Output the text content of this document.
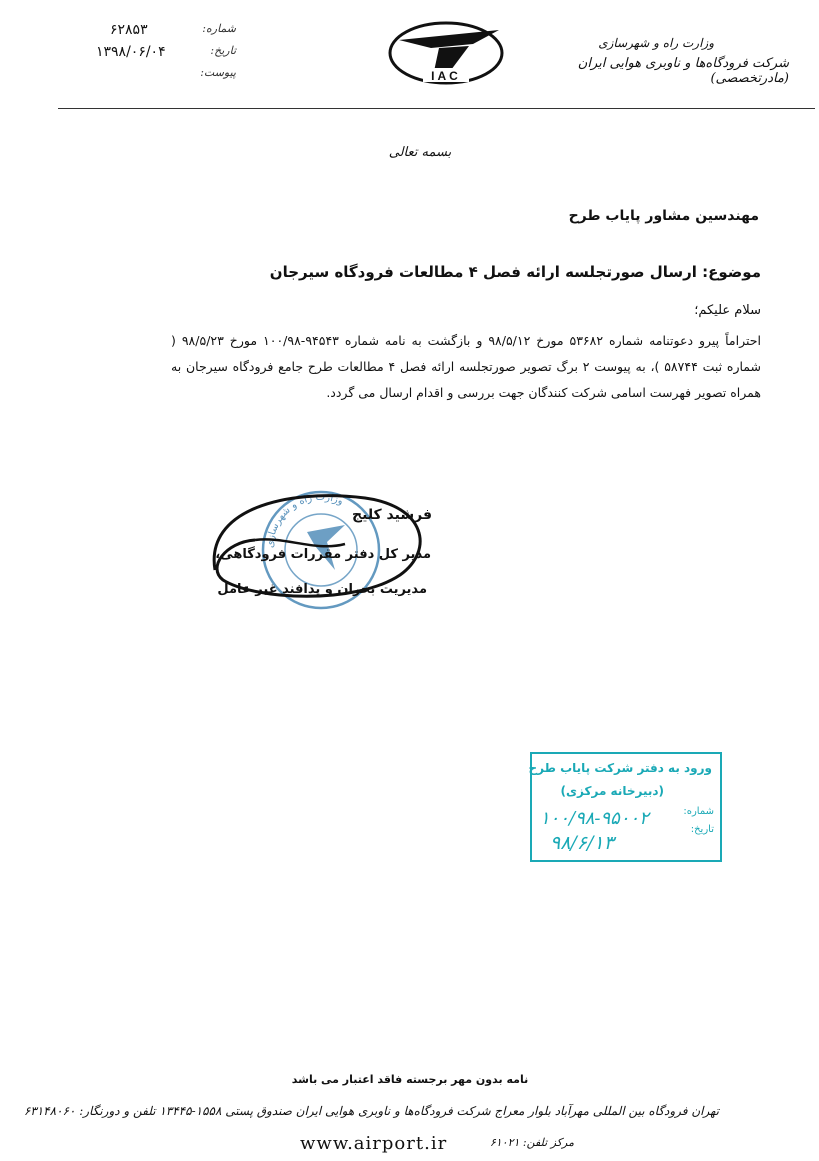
وزارت راه و شهرسازی
شرکت فرودگاه‌ها و ناوبری هوایی ایران (مادرتخصصی)
IAC
شماره:
۶۲۸۵۳
تاریخ:
۱۳۹۸/۰۶/۰۴
پیوست:
بسمه تعالی
مهندسین مشاور پایاب طرح
موضوع: ارسال صورتجلسه ارائه فصل ۴ مطالعات فرودگاه سیرجان
سلام علیکم؛
احتراماً پیرو دعوتنامه شماره ۵۳۶۸۲ مورخ ۹۸/۵/۱۲ و بازگشت به نامه شماره ۹۴۵۴۳-۱۰۰/۹۸ مورخ ۹۸/۵/۲۳ ( شماره ثبت ۵۸۷۴۴ )، به پیوست ۲ برگ تصویر صورتجلسه ارائه فصل ۴ مطالعات طرح جامع فرودگاه سیرجان به همراه تصویر فهرست اسامی شرکت کنندگان جهت بررسی و اقدام ارسال می گردد.
وزارت راه و شهرسازی
فرشید کلیج
مدیر کل دفتر مقررات فرودگاهی،
مدیریت بحران و پدافند غیر عامل
ورود به دفتر شرکت پایاب طرح
(دبیرخانه مرکزی)
شماره:
تاریخ:
۱۰۰/۹۸-۹۵۰۰۲
۹۸/۶/۱۳
نامه بدون مهر برجسته فاقد اعتبار می باشد
تهران فرودگاه بین المللی مهرآباد بلوار معراج شرکت فرودگاه‌ها و ناوبری هوایی ایران صندوق پستی ۱۵۵۸-۱۳۴۴۵ تلفن و دورنگار: ۶۳۱۴۸۰۶۰
مرکز تلفن: ۶۱۰۲۱
www.airport.ir
